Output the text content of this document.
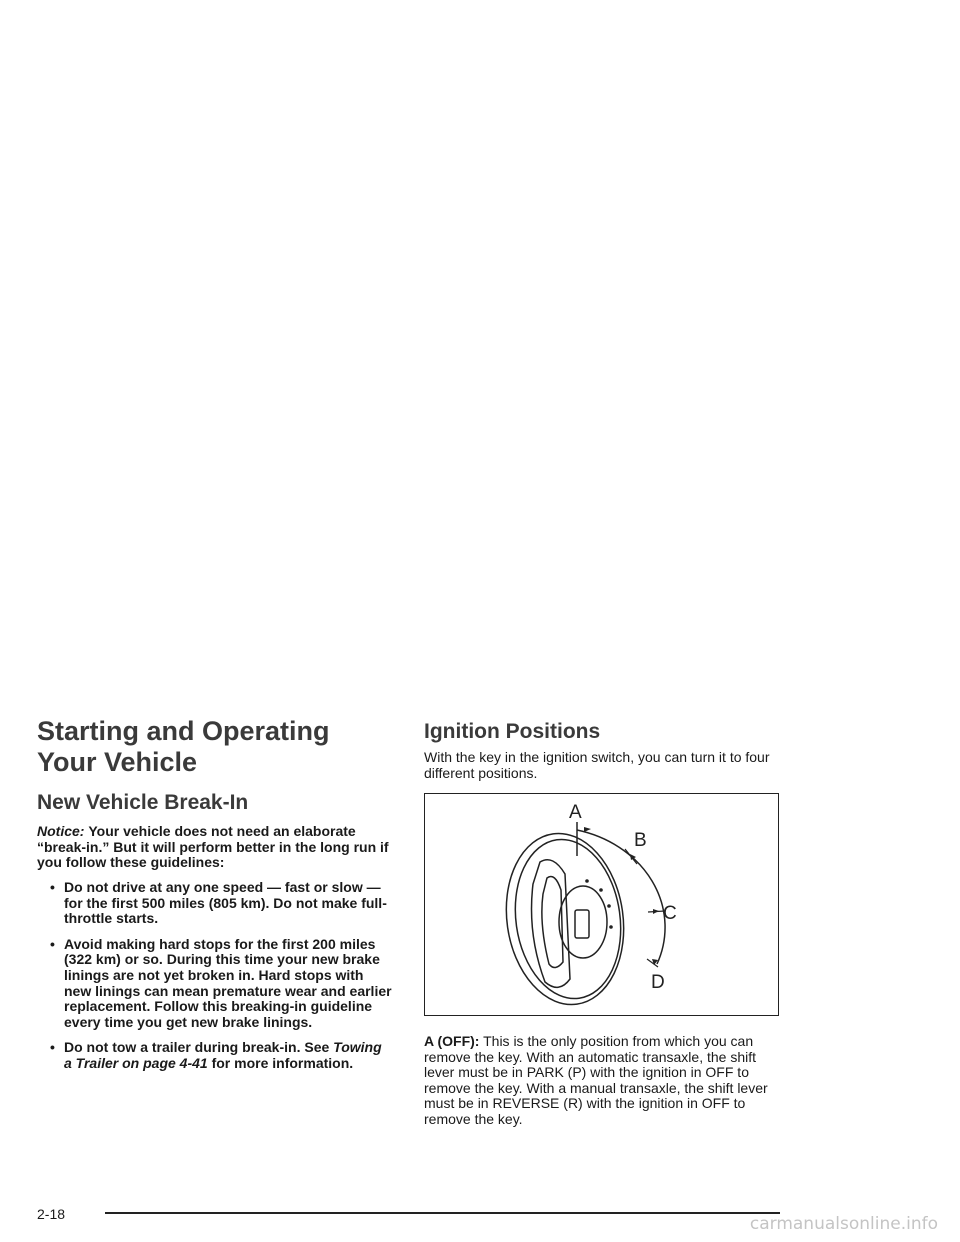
Starting and Operating Your Vehicle
New Vehicle Break-In
Notice: Your vehicle does not need an elaborate “break-in.” But it will perform better in the long run if you follow these guidelines:
• Do not drive at any one speed — fast or slow — for the first 500 miles (805 km). Do not make full-throttle starts.
• Avoid making hard stops for the first 200 miles (322 km) or so. During this time your new brake linings are not yet broken in. Hard stops with new linings can mean premature wear and earlier replacement. Follow this breaking-in guideline every time you get new brake linings.
• Do not tow a trailer during break-in. See Towing a Trailer on page 4-41 for more information.
Ignition Positions
With the key in the ignition switch, you can turn it to four different positions.
A
B
C
D
A (OFF): This is the only position from which you can remove the key. With an automatic transaxle, the shift lever must be in PARK (P) with the ignition in OFF to remove the key. With a manual transaxle, the shift lever must be in REVERSE (R) with the ignition in OFF to remove the key.
2-18	carmanualsonline.info
